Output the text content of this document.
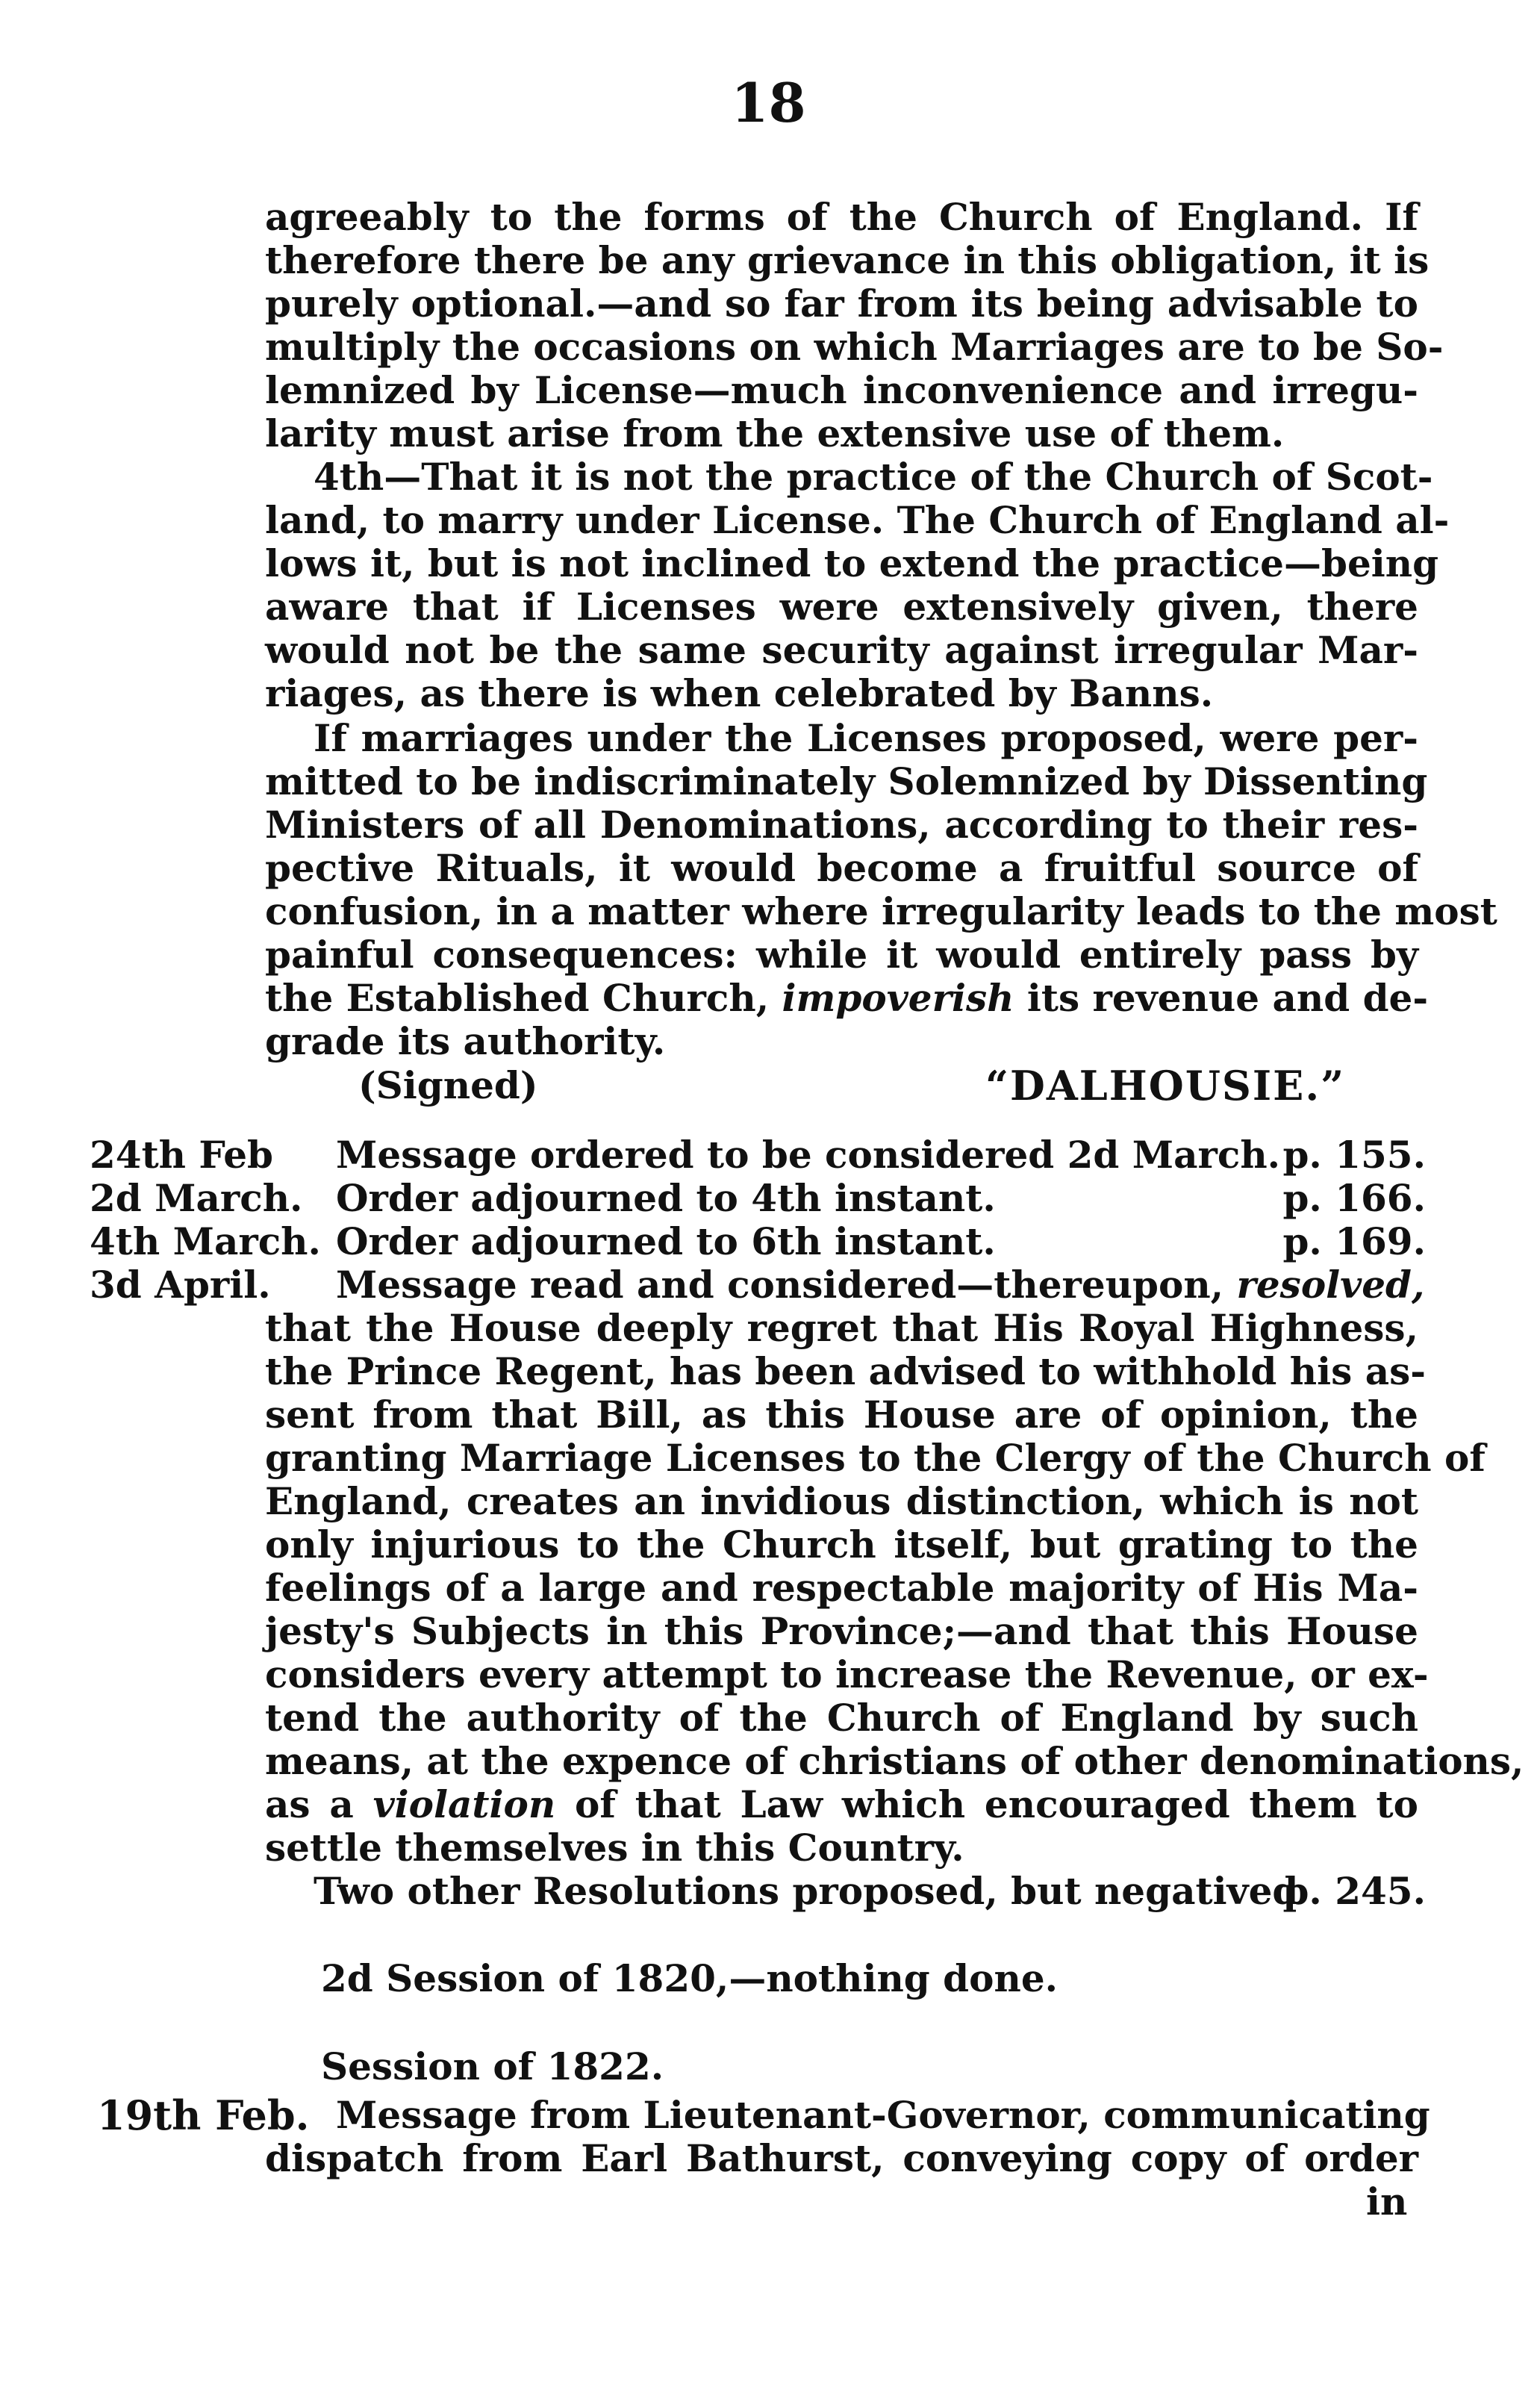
18
agreeably to the forms of the Church of England. If
therefore there be any grievance in this obligation, it is
purely optional.—and so far from its being advisable to
multiply the occasions on which Marriages are to be So-
lemnized by License—much inconvenience and irregu-
larity must arise from the extensive use of them.
4th—That it is not the practice of the Church of Scot-
land, to marry under License. The Church of England al-
lows it, but is not inclined to extend the practice—being
aware that if Licenses were extensively given, there
would not be the same security against irregular Mar-
riages, as there is when celebrated by Banns.
If marriages under the Licenses proposed, were per-
mitted to be indiscriminately Solemnized by Dissenting
Ministers of all Denominations, according to their res-
pective Rituals, it would become a fruitful source of
confusion, in a matter where irregularity leads to the most
painful consequences: while it would entirely pass by
the Established Church, impoverish its revenue and de-
grade its authority.
(Signed)	“DALHOUSIE.”
24th Feb Message ordered to be considered 2d March. p. 155.
2d March. Order adjourned to 4th instant.	p. 166.
4th March. Order adjourned to 6th instant.	p. 169.
3d April. Message read and considered—thereupon, resolved,
that the House deeply regret that His Royal Highness,
the Prince Regent, has been advised to withhold his as-
sent from that Bill, as this House are of opinion, the
granting Marriage Licenses to the Clergy of the Church of
England, creates an invidious distinction, which is not
only injurious to the Church itself, but grating to the
feelings of a large and respectable majority of His Ma-
jesty's Subjects in this Province;—and that this House
considers every attempt to increase the Revenue, or ex-
tend the authority of the Church of England by such
means, at the expence of christians of other denominations,
as a violation of that Law which encouraged them to
settle themselves in this Country.
Two other Resolutions proposed, but negatived
p. 245.
2d Session of 1820,—nothing done.
Session of 1822.
19th Feb. Message from Lieutenant-Governor, communicating
dispatch from Earl Bathurst, conveying copy of order
in
